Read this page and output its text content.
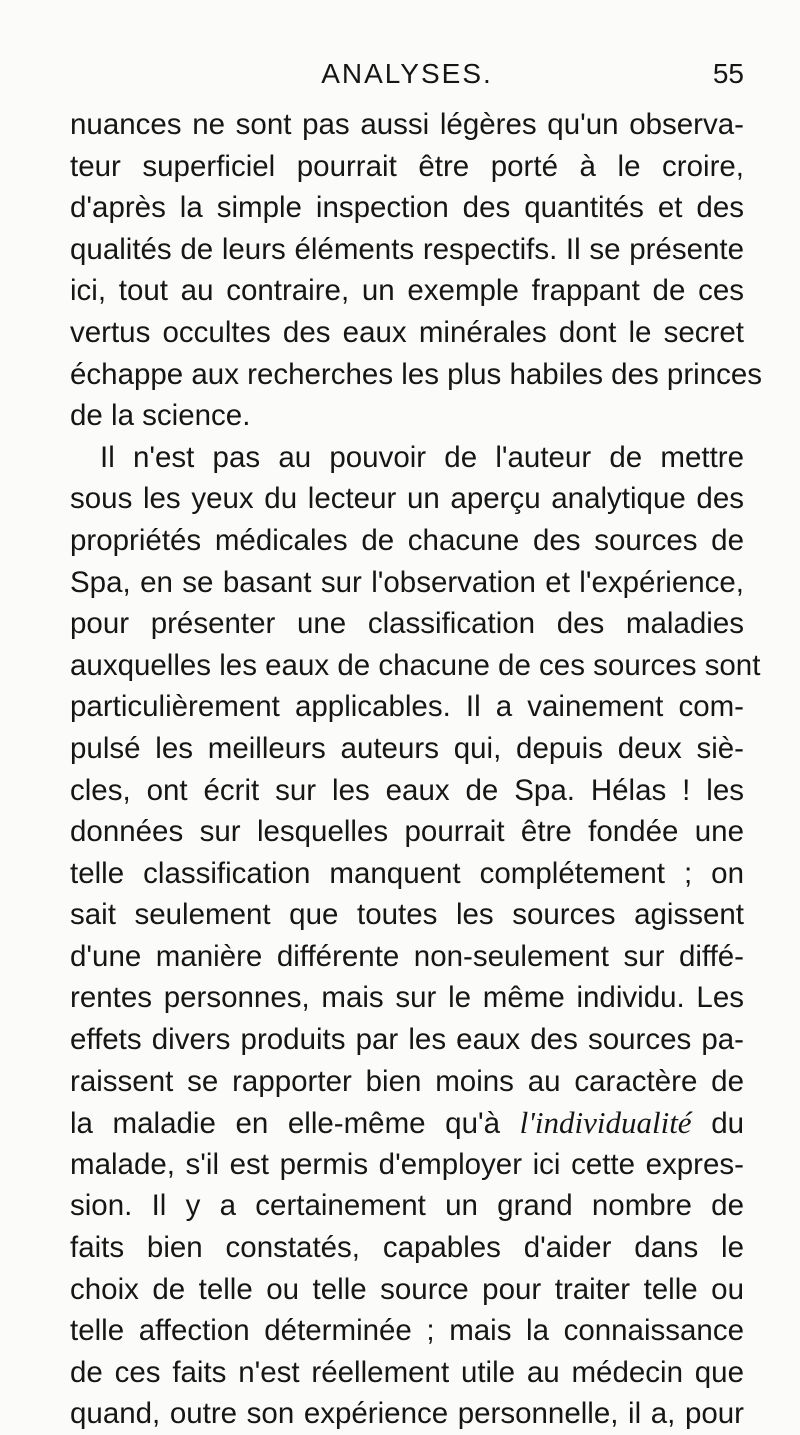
ANALYSES.	55
nuances ne sont pas aussi légères qu'un observa-
teur superficiel pourrait être porté à le croire,
d'après la simple inspection des quantités et des
qualités de leurs éléments respectifs. Il se présente
ici, tout au contraire, un exemple frappant de ces
vertus occultes des eaux minérales dont le secret
échappe aux recherches les plus habiles des princes
de la science.
Il n'est pas au pouvoir de l'auteur de mettre
sous les yeux du lecteur un aperçu analytique des
propriétés médicales de chacune des sources de
Spa, en se basant sur l'observation et l'expérience,
pour présenter une classification des maladies
auxquelles les eaux de chacune de ces sources sont
particulièrement applicables. Il a vainement com-
pulsé les meilleurs auteurs qui, depuis deux siè-
cles, ont écrit sur les eaux de Spa. Hélas ! les
données sur lesquelles pourrait être fondée une
telle classification manquent complétement ; on
sait seulement que toutes les sources agissent
d'une manière différente non-seulement sur diffé-
rentes personnes, mais sur le même individu. Les
effets divers produits par les eaux des sources pa-
raissent se rapporter bien moins au caractère de
la maladie en elle-même qu'à l'individualité du
malade, s'il est permis d'employer ici cette expres-
sion. Il y a certainement un grand nombre de
faits bien constatés, capables d'aider dans le
choix de telle ou telle source pour traiter telle ou
telle affection déterminée ; mais la connaissance
de ces faits n'est réellement utile au médecin que
quand, outre son expérience personnelle, il a, pour
